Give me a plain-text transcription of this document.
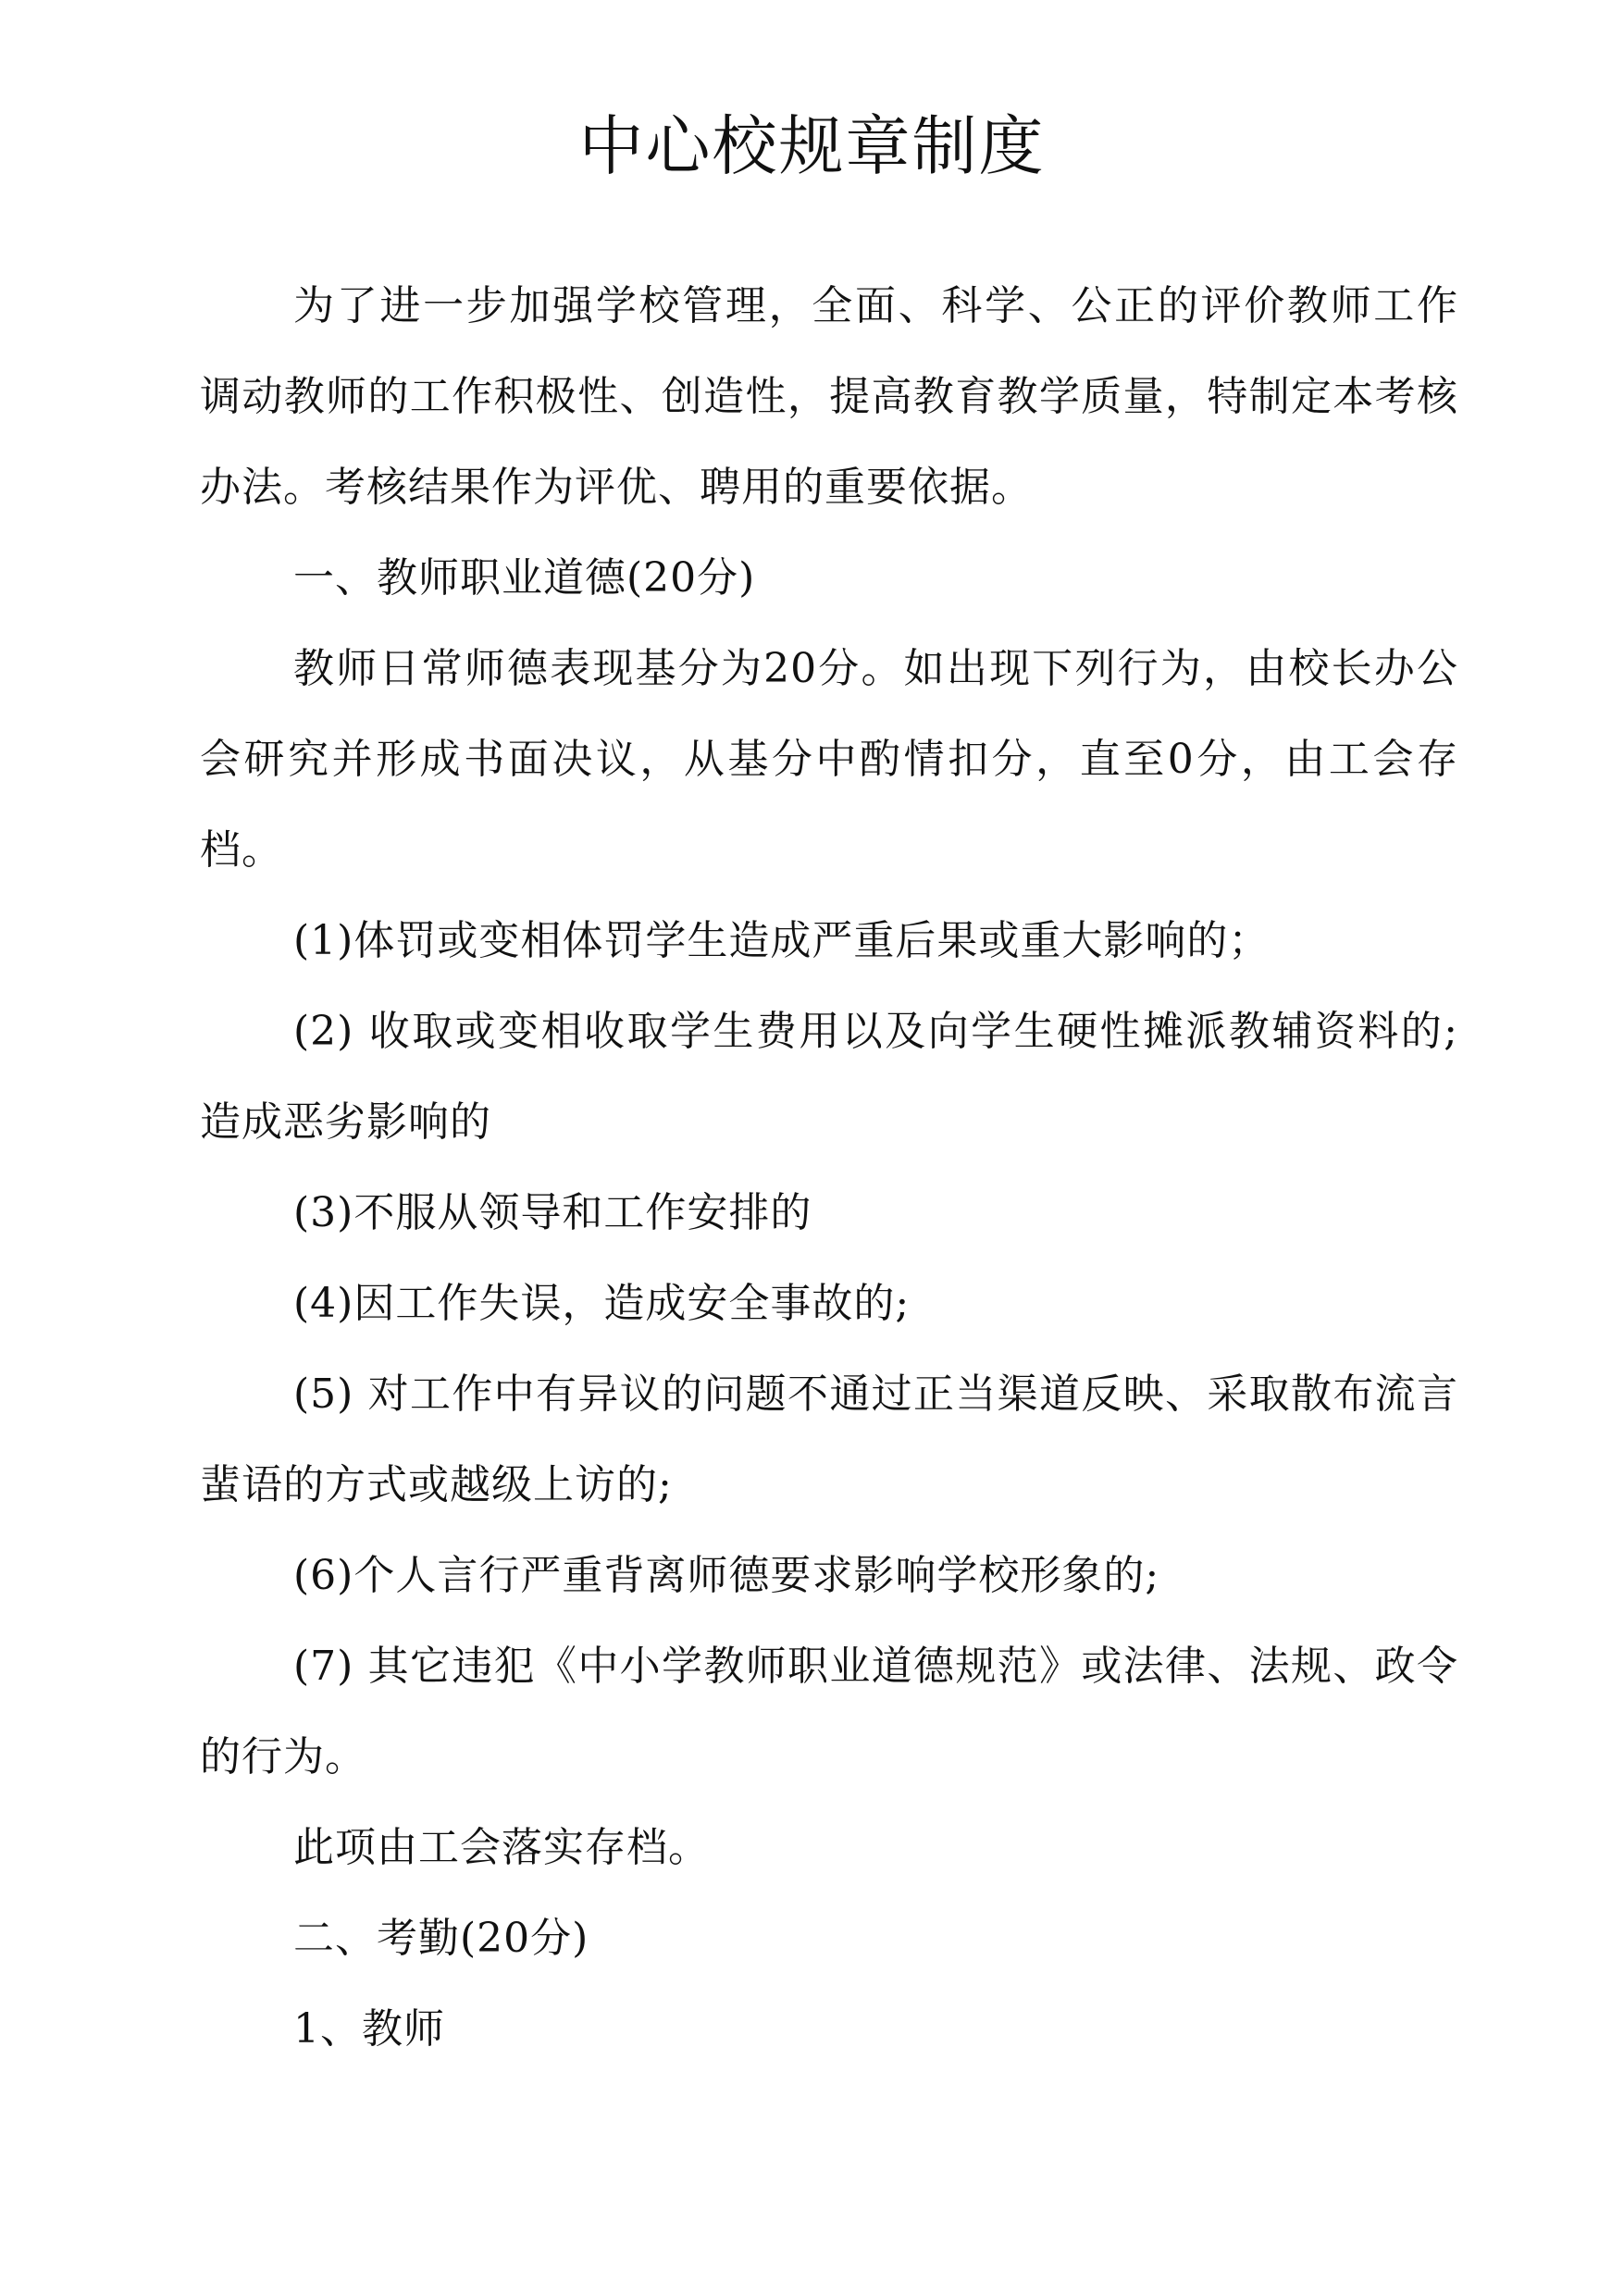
中心校规章制度

为了进一步加强学校管理，全面、科学、公正的评价教师工作调动教师的工作积极性、创造性，提高教育教学质量，特制定本考核办法。考核结果作为评优、聘用的重要依据。

一、教师职业道德(20分)

教师日常师德表现基分为20分。如出现下列行为，由校长办公会研究并形成书面决议，从基分中酌情扣分，直至0分，由工会存档。

(1)体罚或变相体罚学生造成严重后果或重大影响的；

(2) 收取或变相收取学生费用以及向学生硬性摊派教辅资料的;造成恶劣影响的

(3)不服从领导和工作安排的

(4)因工作失误，造成安全事故的;

(5) 对工作中有异议的问题不通过正当渠道反映、采取散布流言蜚语的方式或越级上访的;

(6)个人言行严重背离师德要求影响学校形象的;

(7) 其它违犯《中小学教师职业道德规范》或法律、法规、政令的行为。

此项由工会落实存档。

二、考勤(20分)

1、教师
